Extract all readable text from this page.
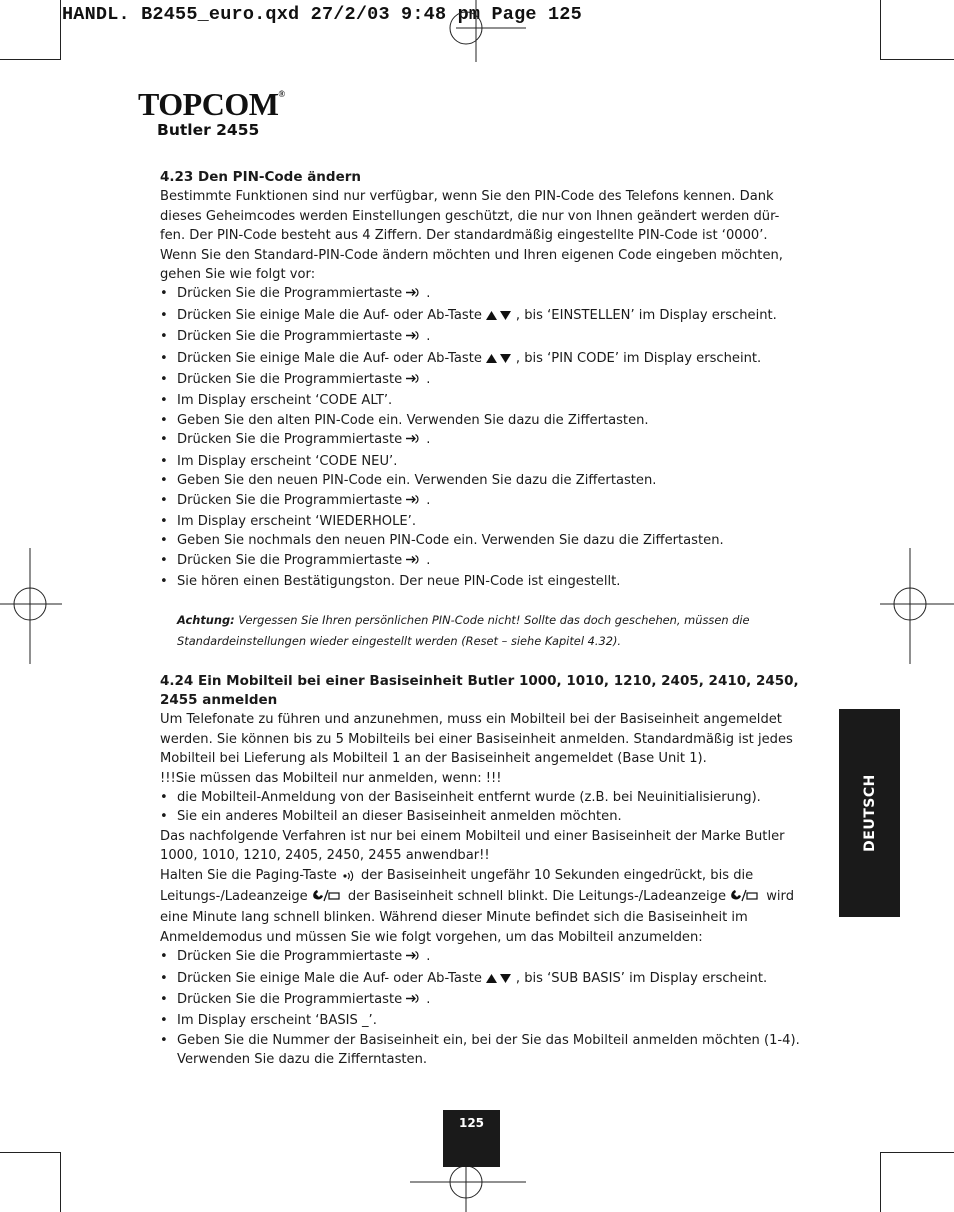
HANDL. B2455_euro.qxd 27/2/03 9:48 pm Page 125
TOPCOM®
Butler 2455

4.23 Den PIN-Code ändern

Bestimmte Funktionen sind nur verfügbar, wenn Sie den PIN-Code des Telefons kennen. Dank dieses Geheimcodes werden Einstellungen geschützt, die nur von Ihnen geändert werden dür-fen. Der PIN-Code besteht aus 4 Ziffern. Der standardmäßig eingestellte PIN-Code ist ‘0000’. Wenn Sie den Standard-PIN-Code ändern möchten und Ihren eigenen Code eingeben möchten, gehen Sie wie folgt vor:

• Drücken Sie die Programmiertaste .

• Drücken Sie einige Male die Auf- oder Ab-Taste	, bis ‘EINSTELLEN’ im Display erscheint.

• Drücken Sie die Programmiertaste .

• Drücken Sie einige Male die Auf- oder Ab-Taste	, bis ‘PIN CODE’ im Display erscheint.

• Drücken Sie die Programmiertaste .

• Im Display erscheint ‘CODE ALT’.

• Geben Sie den alten PIN-Code ein. Verwenden Sie dazu die Ziffertasten.

• Drücken Sie die Programmiertaste .

• Im Display erscheint ‘CODE NEU’.

• Geben Sie den neuen PIN-Code ein. Verwenden Sie dazu die Ziffertasten.

• Drücken Sie die Programmiertaste .

• Im Display erscheint ‘WIEDERHOLE’.

• Geben Sie nochmals den neuen PIN-Code ein. Verwenden Sie dazu die Ziffertasten.

• Drücken Sie die Programmiertaste .

• Sie hören einen Bestätigungston. Der neue PIN-Code ist eingestellt.

Achtung: Vergessen Sie Ihren persönlichen PIN-Code nicht! Sollte das doch geschehen, müssen die Standardeinstellungen wieder eingestellt werden (Reset – siehe Kapitel 4.32).

4.24 Ein Mobilteil bei einer Basiseinheit Butler 1000, 1010, 1210, 2405, 2410, 2450, 2455 anmelden

Um Telefonate zu führen und anzunehmen, muss ein Mobilteil bei der Basiseinheit angemeldet werden. Sie können bis zu 5 Mobilteils bei einer Basiseinheit anmelden. Standardmäßig ist jedes Mobilteil bei Lieferung als Mobilteil 1 an der Basiseinheit angemeldet (Base Unit 1).

!!!Sie müssen das Mobilteil nur anmelden, wenn: !!!

• die Mobilteil-Anmeldung von der Basiseinheit entfernt wurde (z.B. bei Neuinitialisierung).

• Sie ein anderes Mobilteil an dieser Basiseinheit anmelden möchten.

Das nachfolgende Verfahren ist nur bei einem Mobilteil und einer Basiseinheit der Marke Butler 1000, 1010, 1210, 2405, 2450, 2455 anwendbar!!

Halten Sie die Paging-Taste der Basiseinheit ungefähr 10 Sekunden eingedrückt, bis die Leitungs-/Ladeanzeige	der Basiseinheit schnell blinkt. Die Leitungs-/Ladeanzeige	wird eine Minute lang schnell blinken. Während dieser Minute befindet sich die Basiseinheit im Anmeldemodus und müssen Sie wie folgt vorgehen, um das Mobilteil anzumelden:

• Drücken Sie die Programmiertaste .

• Drücken Sie einige Male die Auf- oder Ab-Taste	, bis ‘SUB BASIS’ im Display erscheint.

• Drücken Sie die Programmiertaste .

• Im Display erscheint ‘BASIS _’.

• Geben Sie die Nummer der Basiseinheit ein, bei der Sie das Mobilteil anmelden möchten (1-4). Verwenden Sie dazu die Zifferntasten.

DEUTSCH
125
